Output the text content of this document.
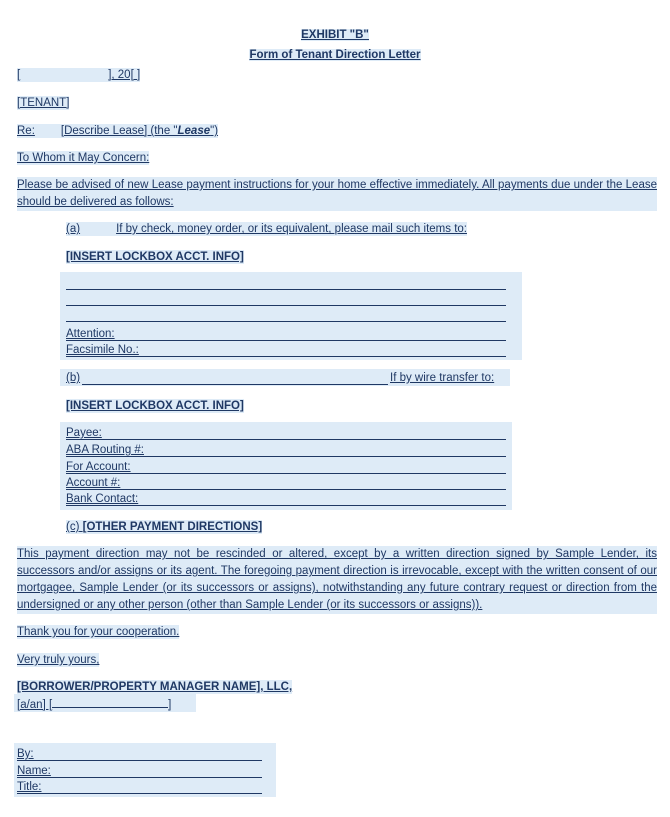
EXHIBIT "B"
Form of Tenant Direction Letter
[	], 20[ ]
[TENANT]
Re: [Describe Lease] (the "Lease")
To Whom it May Concern:
Please be advised of new Lease payment instructions for your home effective immediately. All payments due under the Lease should be delivered as follows:
(a)	If by check, money order, or its equivalent, please mail such items to:
[INSERT LOCKBOX ACCT. INFO]
Attention:
Facsimile No.:
(b)	If by wire transfer to:
[INSERT LOCKBOX ACCT. INFO]
Payee:
ABA Routing #:
For Account:
Account #:
Bank Contact:
(c) [OTHER PAYMENT DIRECTIONS]
This payment direction may not be rescinded or altered, except by a written direction signed by Sample Lender, its successors and/or assigns or its agent. The foregoing payment direction is irrevocable, except with the written consent of our mortgagee, Sample Lender (or its successors or assigns), notwithstanding any future contrary request or direction from the undersigned or any other person (other than Sample Lender (or its successors or assigns)).
Thank you for your cooperation.
Very truly yours,
[BORROWER/PROPERTY MANAGER NAME], LLC,
[a/an] [	]
By:
Name:
Title:
